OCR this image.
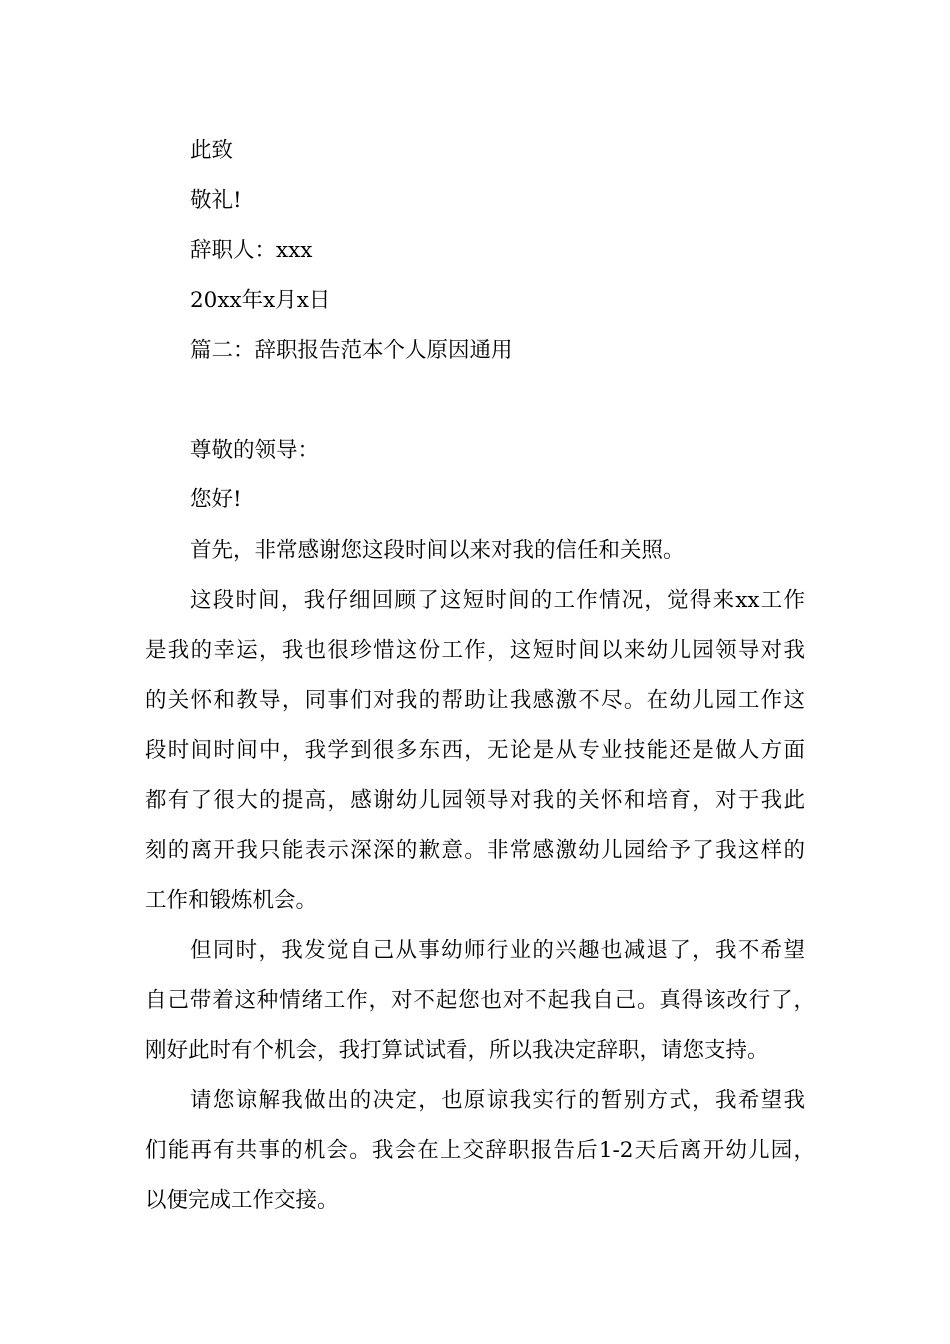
此致
敬礼!
辞职人：xxx
20xx年x月x日
篇二：辞职报告范本个人原因通用
尊敬的领导：
您好!
首先，非常感谢您这段时间以来对我的信任和关照。
这段时间，我仔细回顾了这短时间的工作情况，觉得来xx工作
是我的幸运，我也很珍惜这份工作，这短时间以来幼儿园领导对我
的关怀和教导，同事们对我的帮助让我感激不尽。在幼儿园工作这
段时间时间中，我学到很多东西，无论是从专业技能还是做人方面
都有了很大的提高，感谢幼儿园领导对我的关怀和培育，对于我此
刻的离开我只能表示深深的歉意。非常感激幼儿园给予了我这样的
工作和锻炼机会。
但同时，我发觉自己从事幼师行业的兴趣也减退了，我不希望
自己带着这种情绪工作，对不起您也对不起我自己。真得该改行了，
刚好此时有个机会，我打算试试看，所以我决定辞职，请您支持。
请您谅解我做出的决定，也原谅我实行的暂别方式，我希望我
们能再有共事的机会。我会在上交辞职报告后1-2天后离开幼儿园，
以便完成工作交接。
